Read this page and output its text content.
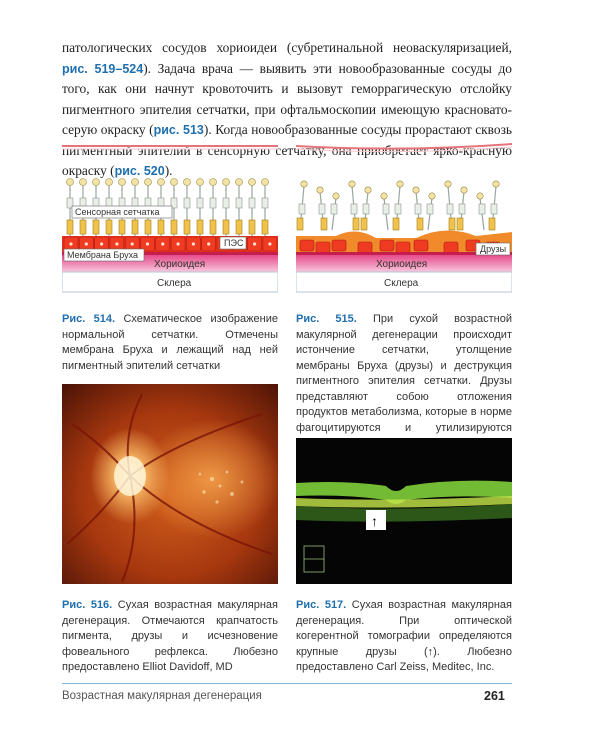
патологических сосудов хориоидеи (субретинальной неоваскуляризацией, рис. 519–524). Задача врача — выявить эти новообразованные сосуды до того, как они начнут кровоточить и вызовут геморрагическую отслойку пигментного эпителия сетчатки, при офтальмоскопии имеющую красновато-серую окраску (рис. 513). Когда новообразованные сосуды прорастают сквозь пигментный эпителий в сенсорную сетчатку, она приобретает ярко-красную окраску (рис. 520).
Сенсорная сетчатка
ПЭС
Мембрана Бруха
Хориоидея
Склера
Рис. 514. Схематическое изображение нормальной сетчатки. Отмечены мембрана Бруха и лежащий над ней пигментный эпителий сетчатки
Друзы
Хориоидея
Склера
Рис. 515. При сухой возрастной макулярной дегенерации происходит истончение сетчатки, утолщение мембраны Бруха (друзы) и деструкция пигментного эпителия сетчатки. Друзы представляют собою отложения продуктов метаболизма, которые в норме фагоцитируются и утилизируются
Рис. 516. Сухая возрастная макулярная дегенерация. Отмечаются крапчатость пигмента, друзы и исчезновение фовеального рефлекса. Любезно предоставлено Elliot Davidoff, MD
↑
Рис. 517. Сухая возрастная макулярная дегенерация. При оптической когерентной томографии определяются крупные друзы (↑). Любезно предоставлено Carl Zeiss, Meditec, Inc.
Возрастная макулярная дегенерация	261
